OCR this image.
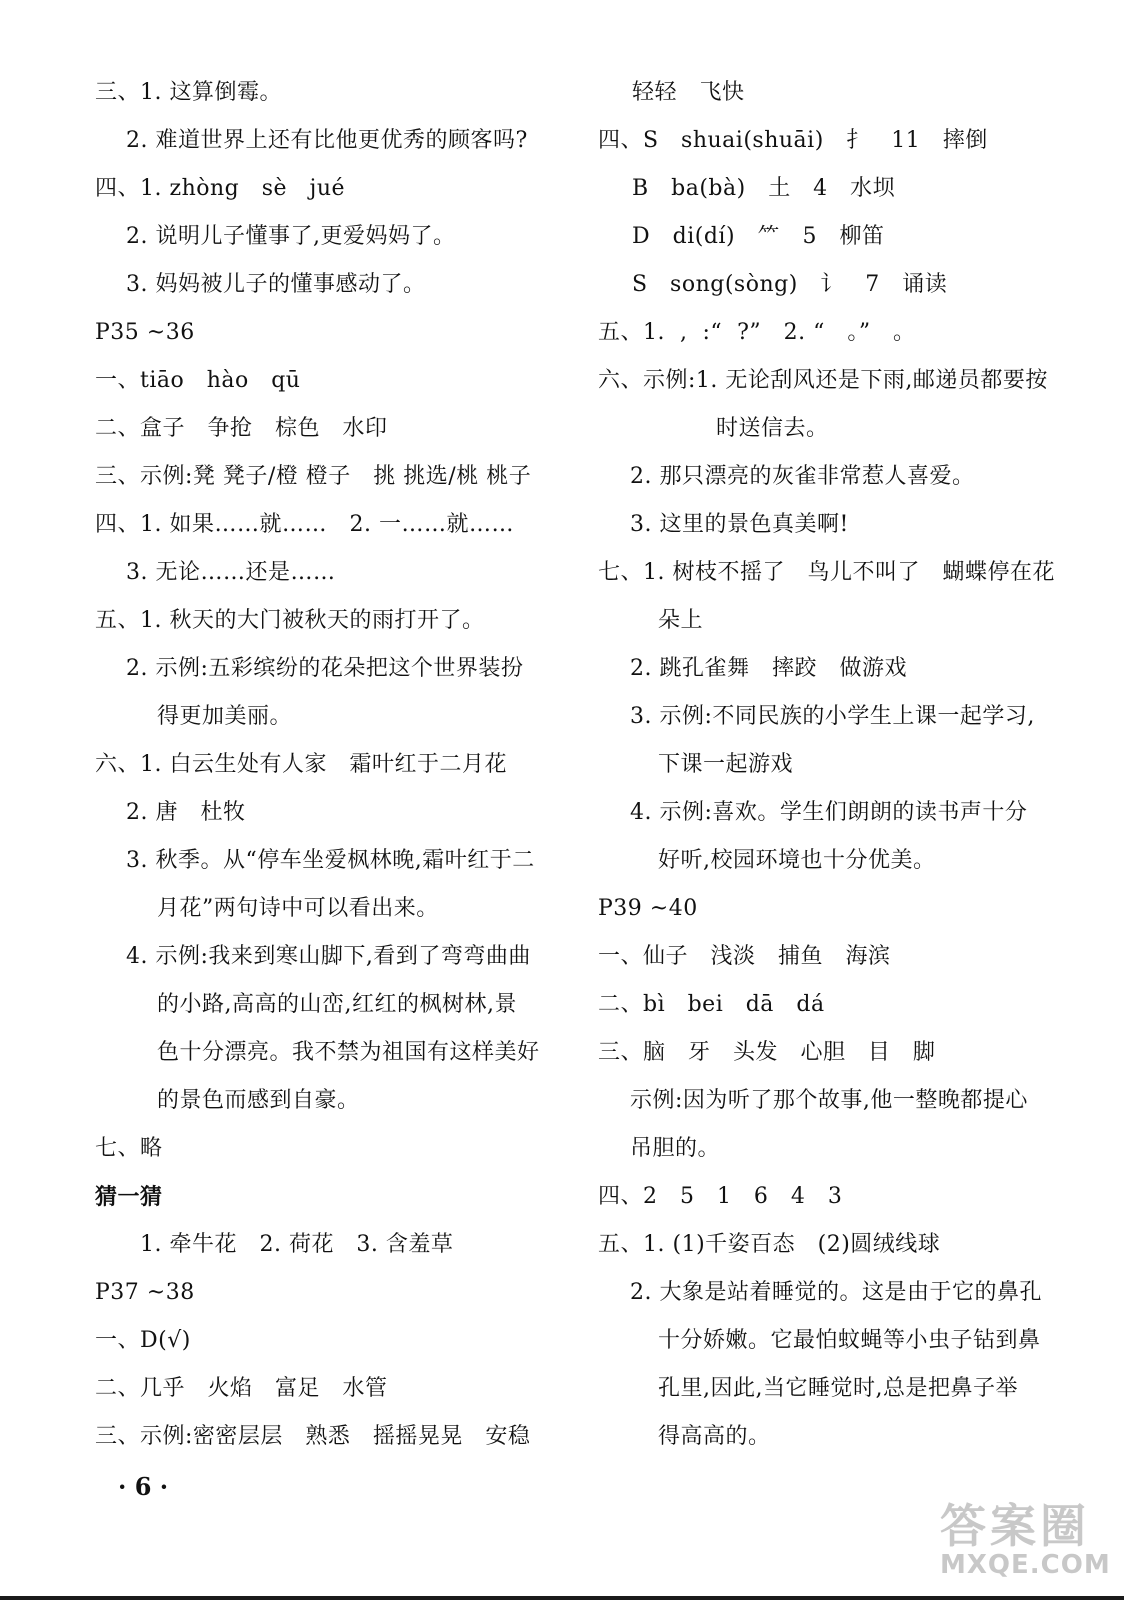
三、1. 这算倒霉。
2. 难道世界上还有比他更优秀的顾客吗?
四、1. zhòng   sè   jué
2. 说明儿子懂事了,更爱妈妈了。
3. 妈妈被儿子的懂事感动了。
P35 ~36
一、tiāo   hào   qū
二、盒子   争抢   棕色   水印
三、示例:凳 凳子/橙 橙子   挑 挑选/桃 桃子
四、1. 如果……就……   2. 一……就……
3. 无论……还是……
五、1. 秋天的大门被秋天的雨打开了。
2. 示例:五彩缤纷的花朵把这个世界装扮
得更加美丽。
六、1. 白云生处有人家   霜叶红于二月花
2. 唐   杜牧
3. 秋季。从“停车坐爱枫林晚,霜叶红于二
月花”两句诗中可以看出来。
4. 示例:我来到寒山脚下,看到了弯弯曲曲
的小路,高高的山峦,红红的枫树林,景
色十分漂亮。我不禁为祖国有这样美好
的景色而感到自豪。
七、略
猜一猜
1. 牵牛花   2. 荷花   3. 含羞草
P37 ~38
一、D(√)
二、几乎   火焰   富足   水管
三、示例:密密层层   熟悉   摇摇晃晃   安稳
轻轻   飞快
四、S   shuai(shuāi)   扌   11   摔倒
B   ba(bà)   土   4   水坝
D   di(dí)   ⺮   5   柳笛
S   song(sòng)   讠   7   诵读
五、1.  ,  :“  ?”   2. “   。”   。
六、示例:1. 无论刮风还是下雨,邮递员都要按
时送信去。
2. 那只漂亮的灰雀非常惹人喜爱。
3. 这里的景色真美啊!
七、1. 树枝不摇了   鸟儿不叫了   蝴蝶停在花
朵上
2. 跳孔雀舞   摔跤   做游戏
3. 示例:不同民族的小学生上课一起学习,
下课一起游戏
4. 示例:喜欢。学生们朗朗的读书声十分
好听,校园环境也十分优美。
P39 ~40
一、仙子   浅淡   捕鱼   海滨
二、bì   bei   dā   dá
三、脑   牙   头发   心胆   目   脚
示例:因为听了那个故事,他一整晚都提心
吊胆的。
四、2   5   1   6   4   3
五、1. (1)千姿百态   (2)圆绒线球
2. 大象是站着睡觉的。这是由于它的鼻孔
十分娇嫩。它最怕蚊蝇等小虫子钻到鼻
孔里,因此,当它睡觉时,总是把鼻子举
得高高的。
· 6 ·
答案圈
MXQE.COM
